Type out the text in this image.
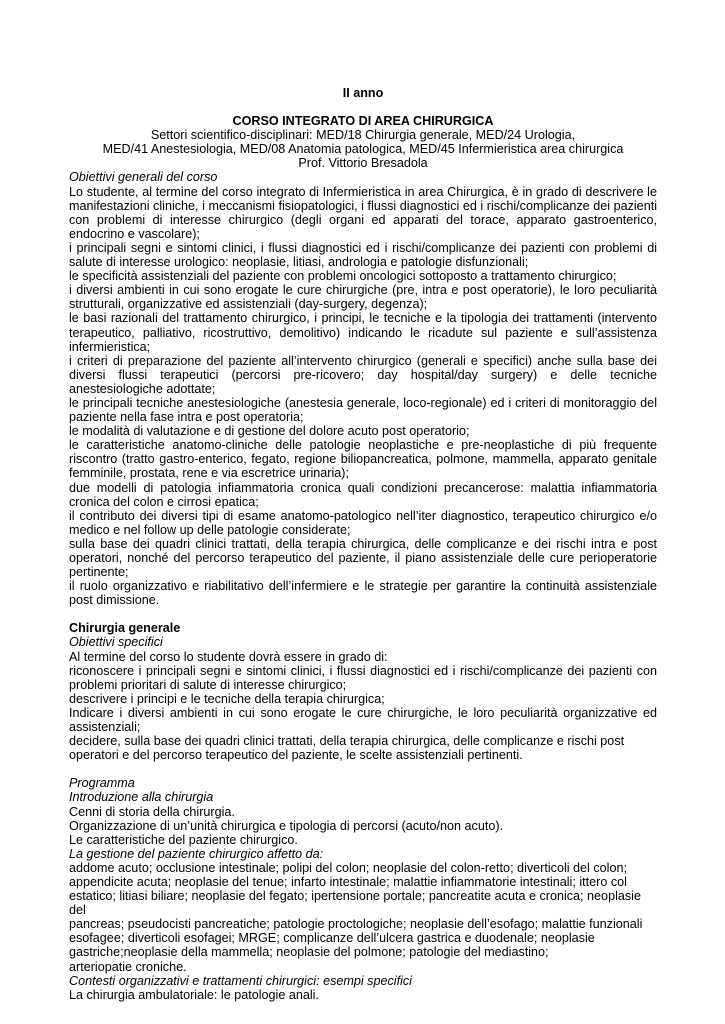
II anno

CORSO INTEGRATO DI AREA CHIRURGICA

Settori scientifico-disciplinari: MED/18 Chirurgia generale, MED/24 Urologia,

MED/41 Anestesiologia, MED/08 Anatomia patologica, MED/45 Infermieristica area chirurgica

Prof. Vittorio Bresadola

Obiettivi generali del corso

Lo studente, al termine del corso integrato di Infermieristica in area Chirurgica, è in grado di descrivere le manifestazioni cliniche, i meccanismi fisiopatologici, i flussi diagnostici ed i rischi/complicanze dei pazienti con problemi di interesse chirurgico (degli organi ed apparati del torace, apparato gastroenterico, endocrino e vascolare);

i principali segni e sintomi clinici, i flussi diagnostici ed i rischi/complicanze dei pazienti con problemi di salute di interesse urologico: neoplasie, litiasi, andrologia e patologie disfunzionali;

le specificità assistenziali del paziente con problemi oncologici sottoposto a trattamento chirurgico;

i diversi ambienti in cui sono erogate le cure chirurgiche (pre, intra e post operatorie), le loro peculiarità strutturali, organizzative ed assistenziali (day-surgery, degenza);

le basi razionali del trattamento chirurgico, i principi, le tecniche e la tipologia dei trattamenti (intervento terapeutico, palliativo, ricostruttivo, demolitivo) indicando le ricadute sul paziente e sull’assistenza infermieristica;

i criteri di preparazione del paziente all’intervento chirurgico (generali e specifici) anche sulla base dei diversi flussi terapeutici (percorsi pre-ricovero; day hospital/day surgery) e delle tecniche anestesiologiche adottate;

le principali tecniche anestesiologiche (anestesia generale, loco-regionale) ed i criteri di monitoraggio del paziente nella fase intra e post operatoria;

le modalità di valutazione e di gestione del dolore acuto post operatorio;

le caratteristiche anatomo-cliniche delle patologie neoplastiche e pre-neoplastiche di più frequente riscontro (tratto gastro-enterico, fegato, regione biliopancreatica, polmone, mammella, apparato genitale femminile, prostata, rene e via escretrice urinaria);

due modelli di patologia infiammatoria cronica quali condizioni precancerose: malattia infiammatoria cronica del colon e cirrosi epatica;

il contributo dei diversi tipi di esame anatomo-patologico nell’iter diagnostico, terapeutico chirurgico e/o medico e nel follow up delle patologie considerate;

sulla base dei quadri clinici trattati, della terapia chirurgica, delle complicanze e dei rischi intra e post operatori, nonché del percorso terapeutico del paziente, il piano assistenziale delle cure perioperatorie pertinente;

il ruolo organizzativo e riabilitativo dell’infermiere e le strategie per garantire la continuità assistenziale post dimissione.

Chirurgia generale

Obiettivi specifici

Al termine del corso lo studente dovrà essere in grado di:

riconoscere i principali segni e sintomi clinici, i flussi diagnostici ed i rischi/complicanze dei pazienti con problemi prioritari di salute di interesse chirurgico;

descrivere i principi e le tecniche della terapia chirurgica;

Indicare i diversi ambienti in cui sono erogate le cure chirurgiche, le loro peculiarità organizzative ed assistenziali;

decidere, sulla base dei quadri clinici trattati, della terapia chirurgica, delle complicanze e rischi post operatori e del percorso terapeutico del paziente, le scelte assistenziali pertinenti.

Programma

Introduzione alla chirurgia

Cenni di storia della chirurgia.

Organizzazione di un’unità chirurgica e tipologia di percorsi (acuto/non acuto).

Le caratteristiche del paziente chirurgico.

La gestione del paziente chirurgico affetto da:

addome acuto; occlusione intestinale; polipi del colon; neoplasie del colon-retto; diverticoli del colon;

appendicite acuta; neoplasie del tenue; infarto intestinale; malattie infiammatorie intestinali; ittero col

estatico; litiasi biliare; neoplasie del fegato; ipertensione portale; pancreatite acuta e cronica; neoplasie del

pancreas; pseudocisti pancreatiche; patologie proctologiche; neoplasie dell’esofago; malattie funzionali

esofagee; diverticoli esofagei; MRGE; complicanze dell’ulcera gastrica e duodenale; neoplasie

gastriche;neoplasie della mammella; neoplasie del polmone; patologie del mediastino;

arteriopatie croniche.

Contesti organizzativi e trattamenti chirurgici: esempi specifici

La chirurgia ambulatoriale: le patologie anali.
